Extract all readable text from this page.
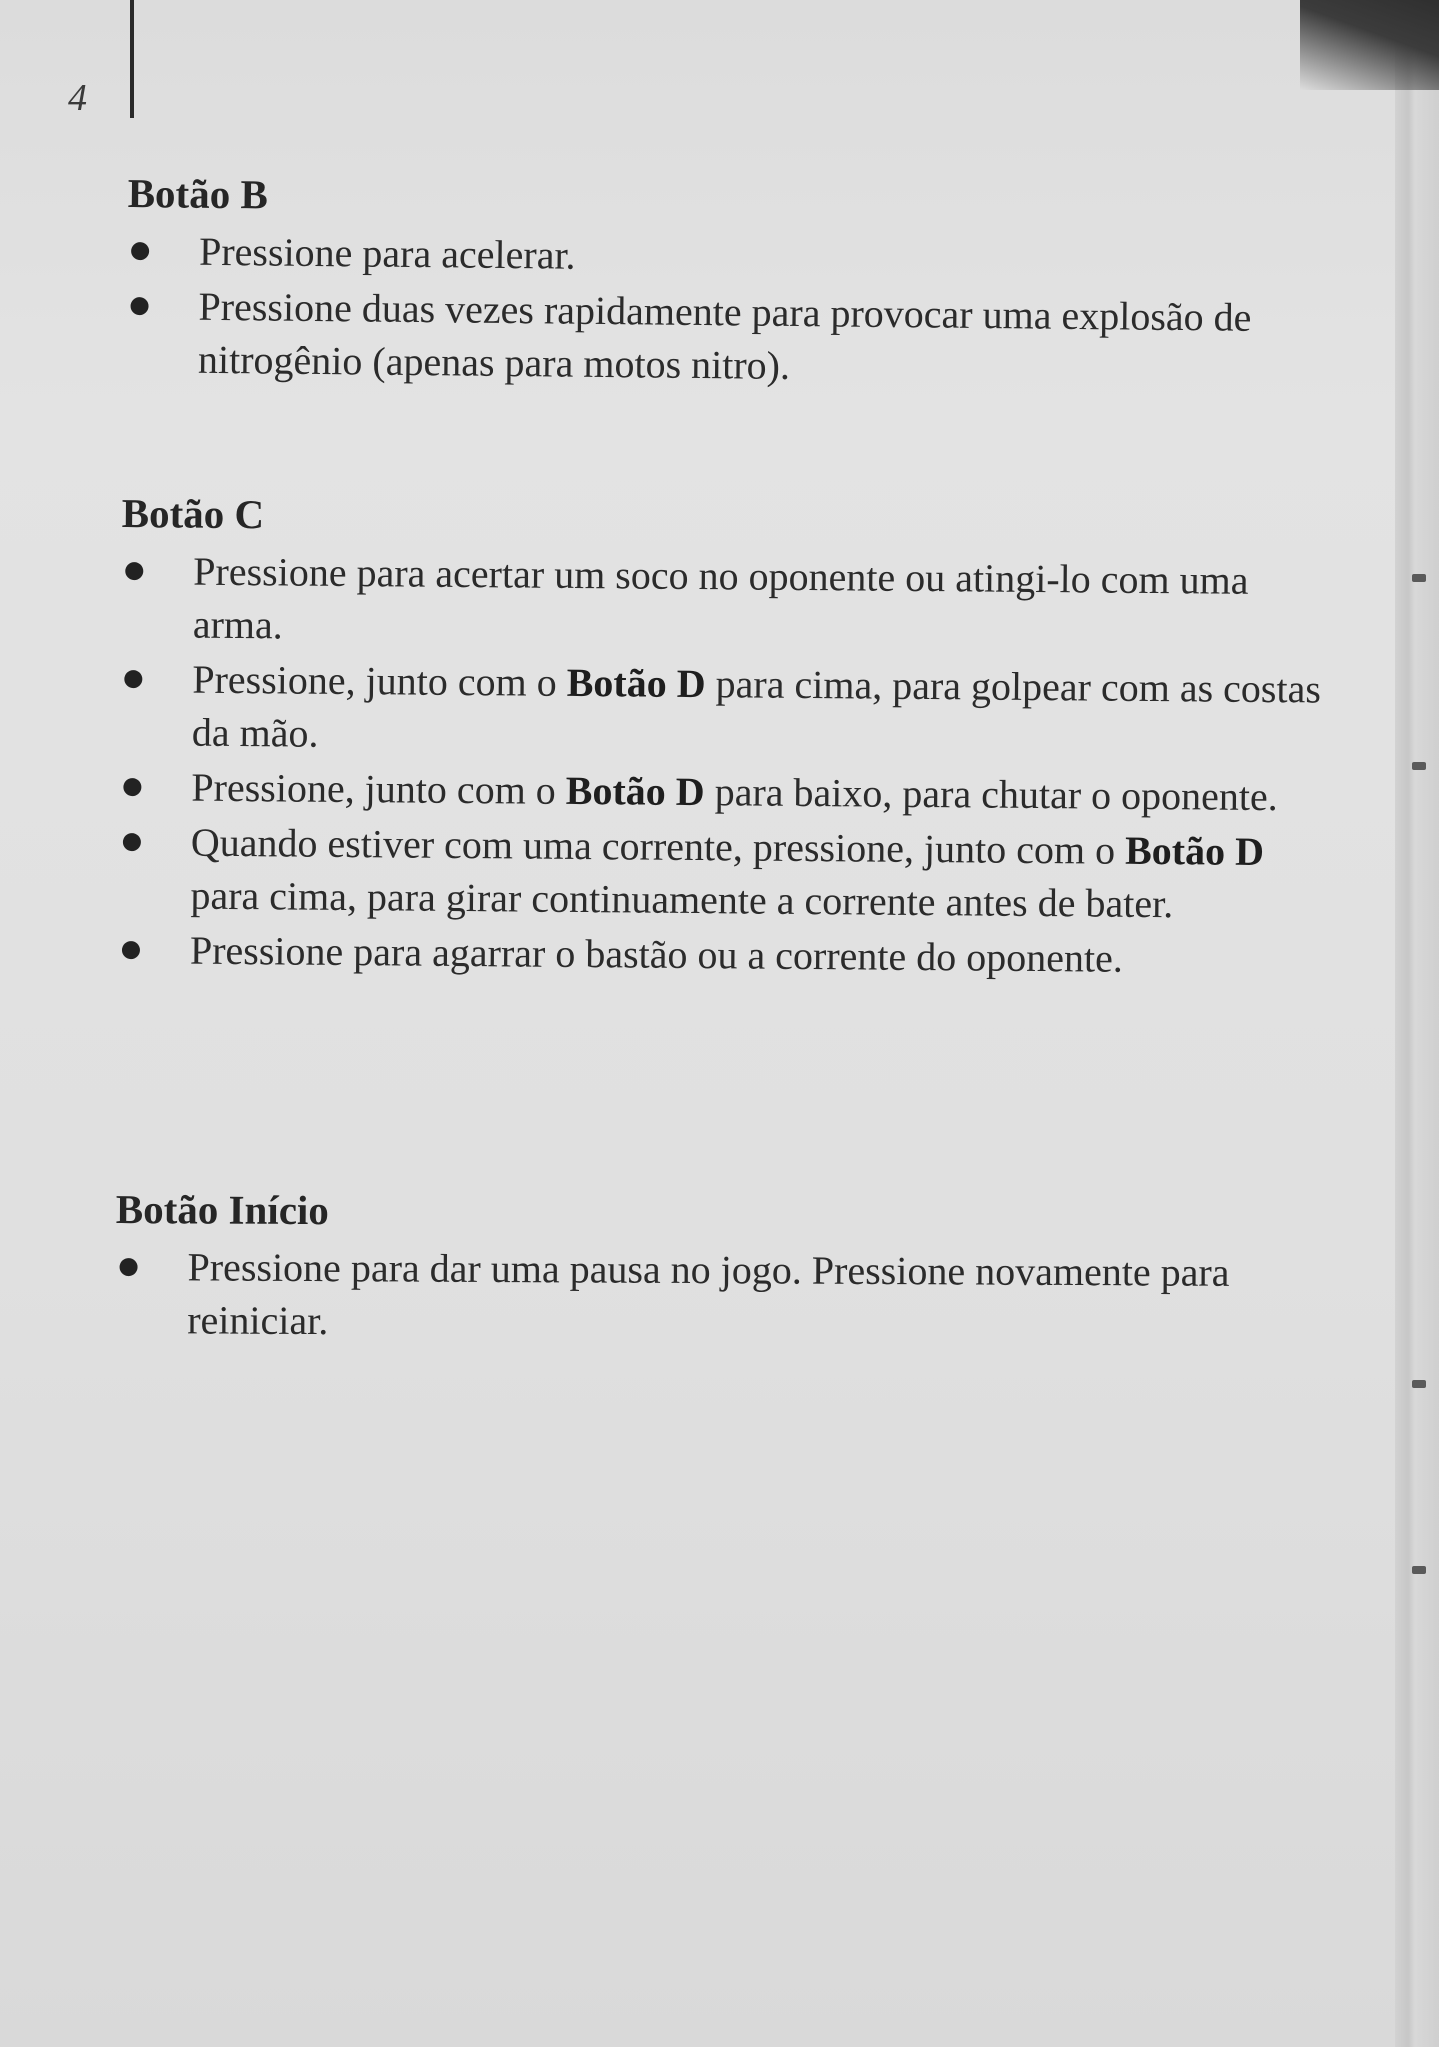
4
Botão B
Pressione para acelerar.
Pressione duas vezes rapidamente para provocar uma explosão de nitrogênio (apenas para motos nitro).
Botão C
Pressione para acertar um soco no oponente ou atingi-lo com uma arma.
Pressione, junto com o Botão D para cima, para golpear com as costas da mão.
Pressione, junto com o Botão D para baixo, para chutar o oponente.
Quando estiver com uma corrente, pressione, junto com o Botão D para cima, para girar continuamente a corrente antes de bater.
Pressione para agarrar o bastão ou a corrente do oponente.
Botão Início
Pressione para dar uma pausa no jogo. Pressione novamente para reiniciar.
